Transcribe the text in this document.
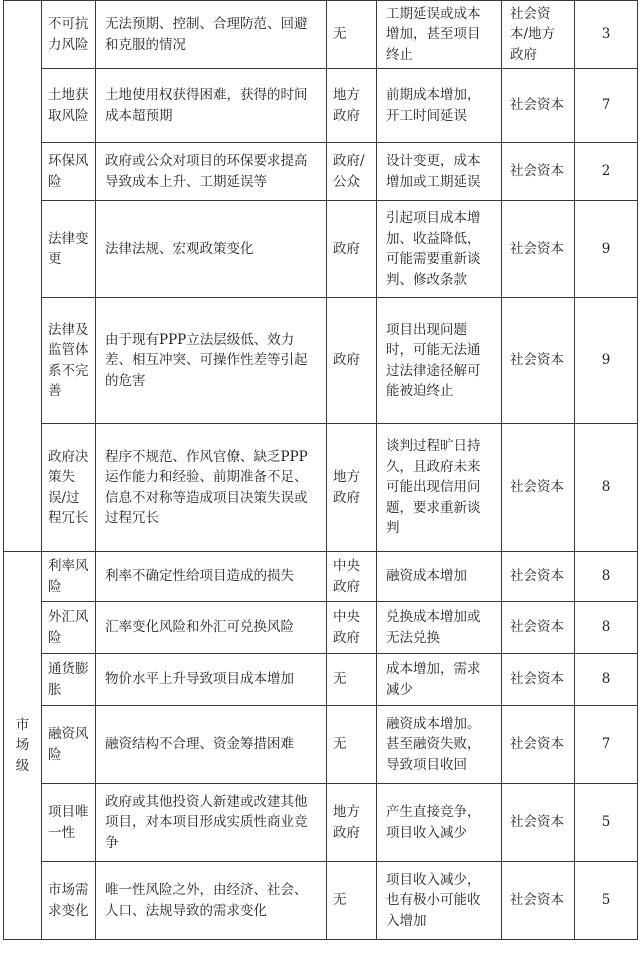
	不可抗力风险	无法预期、控制、合理防范、回避和克服的情况	无	工期延误或成本增加，甚至项目终止	社会资本/地方政府	3
	土地获取风险	土地使用权获得困难，获得的时间成本超预期	地方政府	前期成本增加，开工时间延误	社会资本	7
	环保风险	政府或公众对项目的环保要求提高导致成本上升、工期延误等	政府/公众	设计变更，成本增加或工期延误	社会资本	2
	法律变更	法律法规、宏观政策变化	政府	引起项目成本增加、收益降低，可能需要重新谈判、修改条款	社会资本	9
	法律及监管体系不完善	由于现有PPP立法层级低、效力差、相互冲突、可操作性差等引起的危害	政府	项目出现问题时，可能无法通过法律途径解可能被迫终止	社会资本	9
	政府决策失误/过程冗长	程序不规范、作风官僚、缺乏PPP运作能力和经验、前期准备不足、信息不对称等造成项目决策失误或过程冗长	地方政府	谈判过程旷日持久，且政府未来可能出现信用问题，要求重新谈判	社会资本	8
市场级	利率风险	利率不确定性给项目造成的损失	中央政府	融资成本增加	社会资本	8
	外汇风险	汇率变化风险和外汇可兑换风险	中央政府	兑换成本增加或无法兑换	社会资本	8
	通货膨胀	物价水平上升导致项目成本增加	无	成本增加，需求减少	社会资本	8
	融资风险	融资结构不合理、资金筹措困难	无	融资成本增加。甚至融资失败，导致项目收回	社会资本	7
	项目唯一性	政府或其他投资人新建或改建其他项目，对本项目形成实质性商业竞争	地方政府	产生直接竞争，项目收入减少	社会资本	5
	市场需求变化	唯一性风险之外，由经济、社会、人口、法规导致的需求变化	无	项目收入减少，也有极小可能收入增加	社会资本	5
